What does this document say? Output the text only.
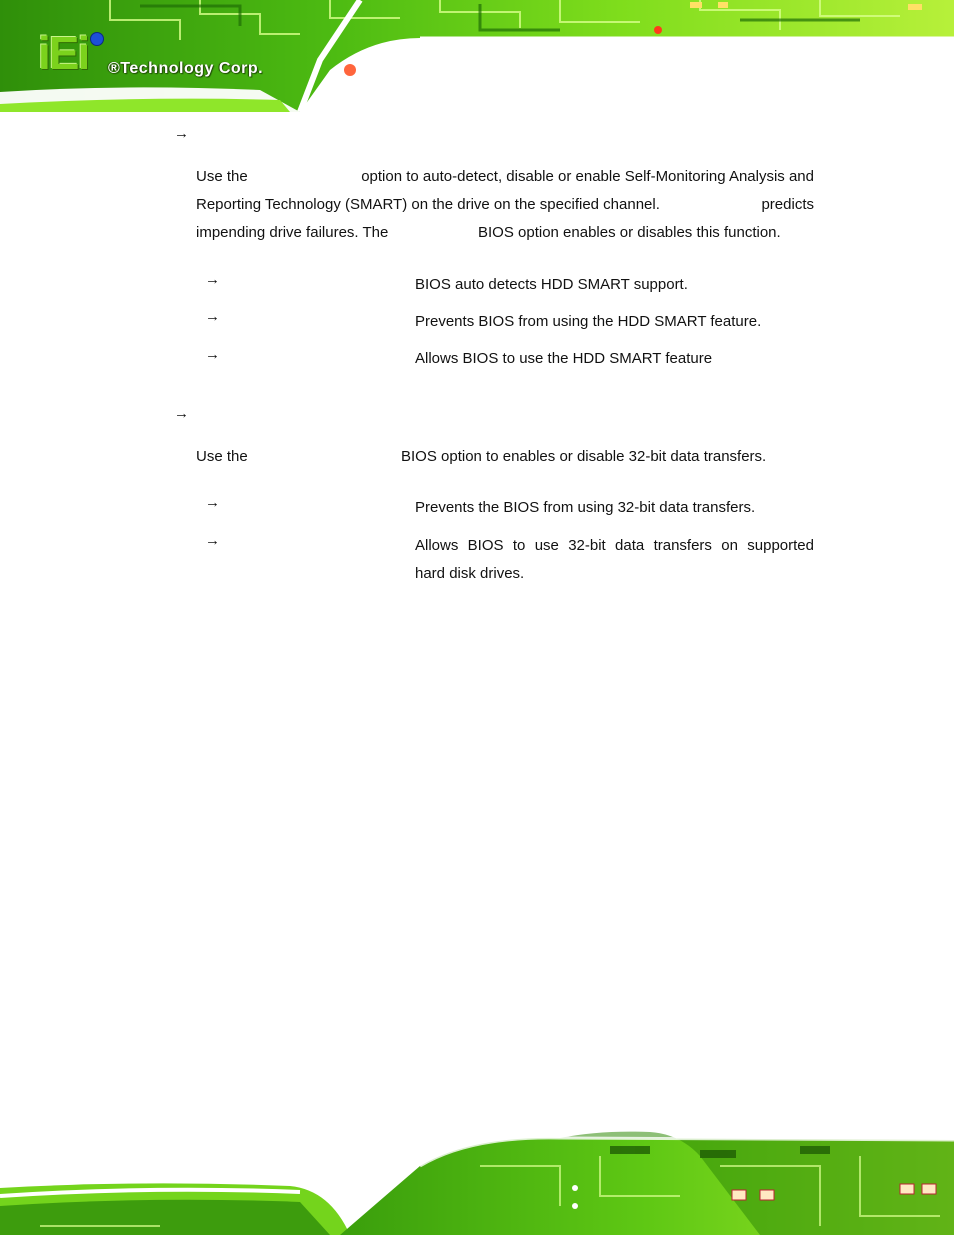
iEi ®Technology Corp.
→
Use the	option to auto-detect, disable or enable Self-Monitoring Analysis and
Reporting Technology (SMART) on the drive on the specified channel.	predicts
impending drive failures. The	BIOS option enables or disables this function.
→	BIOS auto detects HDD SMART support.
→	Prevents BIOS from using the HDD SMART feature.
→	Allows BIOS to use the HDD SMART feature
→
Use the	BIOS option to enables or disable 32-bit data transfers.
→	Prevents the BIOS from using 32-bit data transfers.
→	Allows BIOS to use 32-bit data transfers on supported
hard disk drives.
